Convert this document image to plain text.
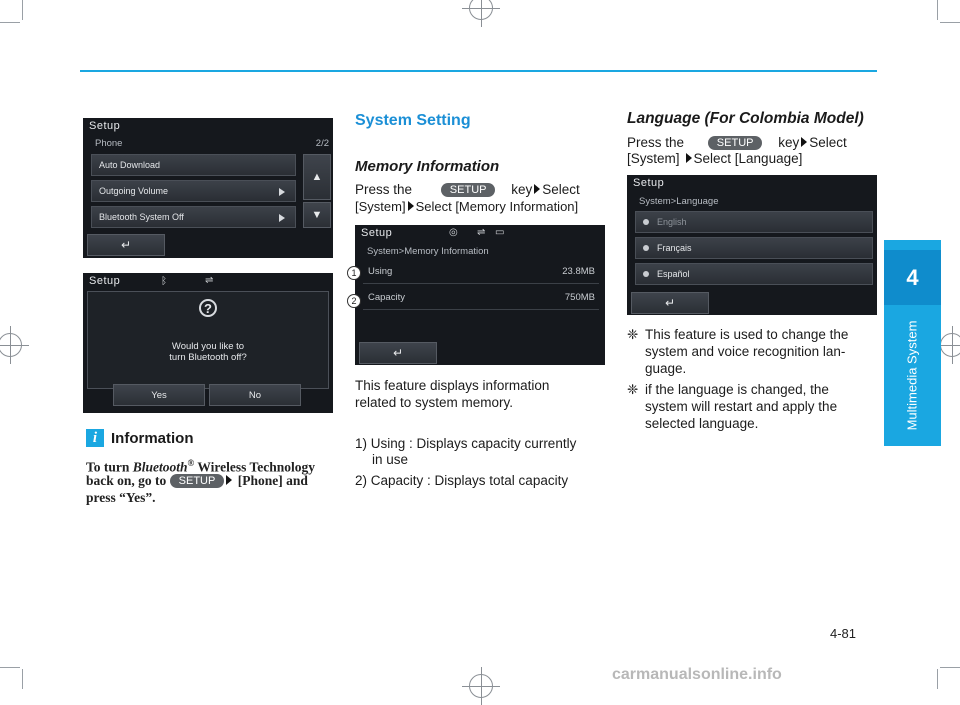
4
Multimedia System
Setup
Phone	2/2
Auto Download
Outgoing Volume
Bluetooth System Off
▲
▼
↵
Setup	ᛒ	⇌
?
Would you like to
turn Bluetooth off?
Yes	No
i Information
To turn Bluetooth® Wireless Technology
back on, go to SETUP [Phone] and
press “Yes”.
System Setting
Memory Information
Press the	SETUP key Select
[System] Select [Memory Information]
Setup	◎ ⇌ ▭
System>Memory Information
Using	23.8MB
Capacity	750MB
↵
1
2
This feature displays information
related to system memory.
1) Using : Displays capacity currently
in use
2) Capacity : Displays total capacity
Language (For Colombia Model)
Press the	SETUP key Select
[System] Select [Language]
Setup
System>Language
English
Français
Español
↵
❈ This feature is used to change the
system and voice recognition lan-
guage.
❈ if the language is changed, the
system will restart and apply the
selected language.
4-81
carmanualsonline.info
